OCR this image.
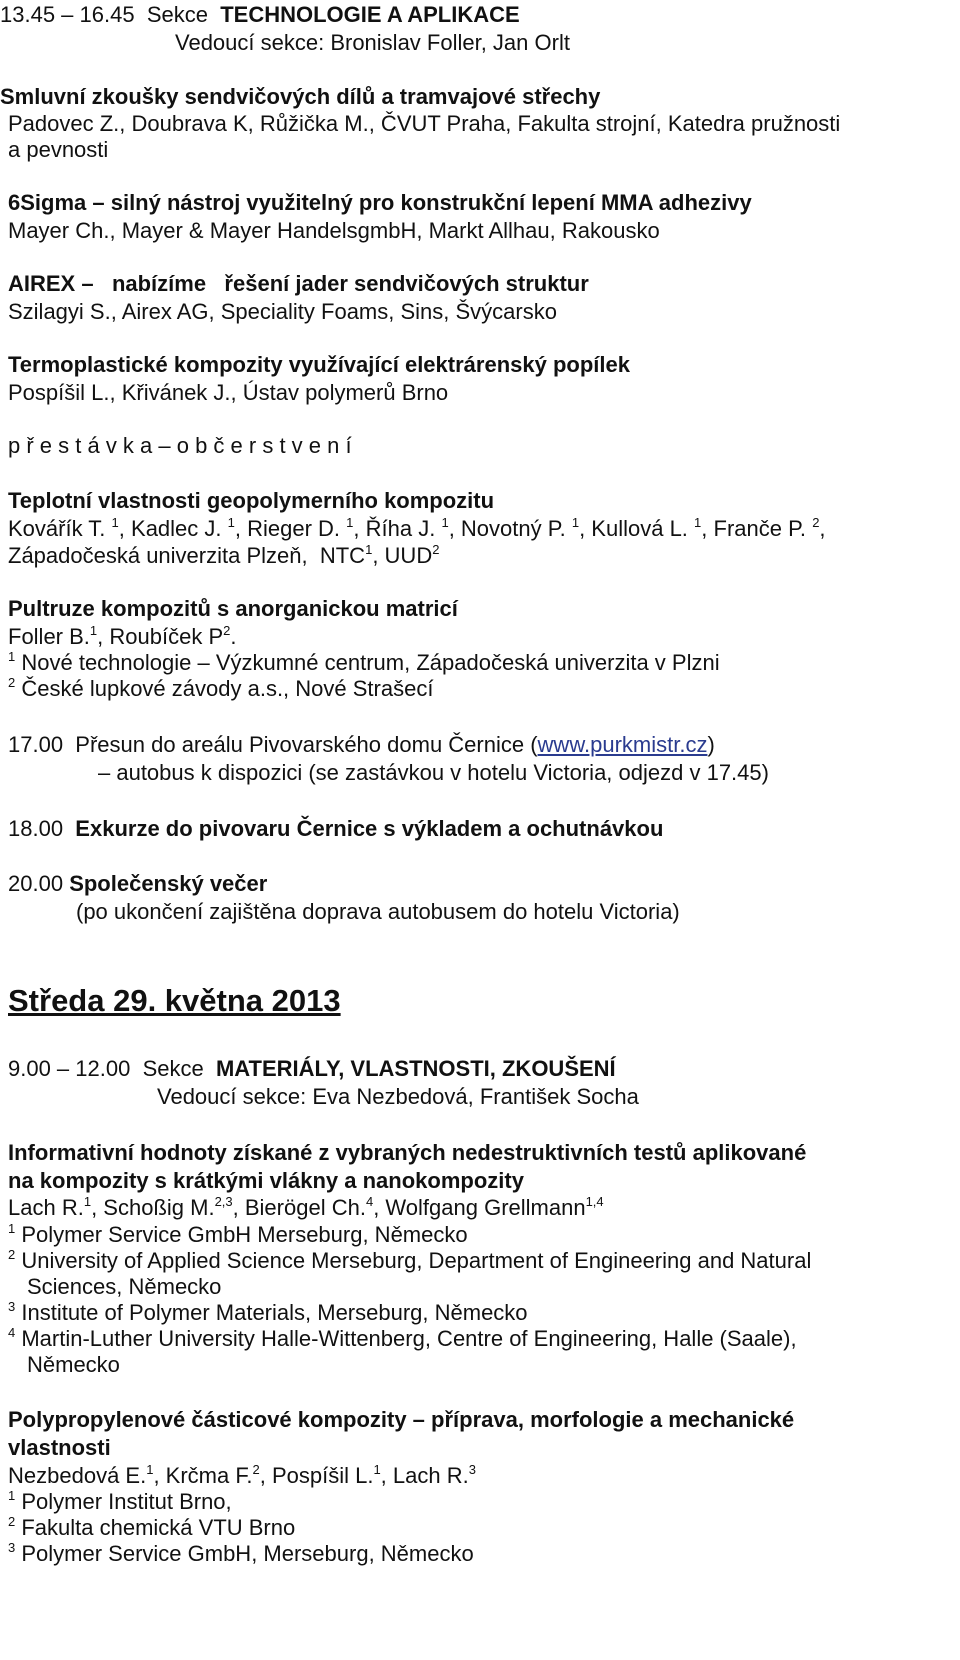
13.45 – 16.45 Sekce TECHNOLOGIE A APLIKACE
Vedoucí sekce: Bronislav Foller, Jan Orlt
Smluvní zkoušky sendvičových dílů a tramvajové střechy
Padovec Z., Doubrava K, Růžička M., ČVUT Praha, Fakulta strojní, Katedra pružnosti
a pevnosti
6Sigma – silný nástroj využitelný pro konstrukční lepení MMA adhezivy
Mayer Ch., Mayer & Mayer HandelsgmbH, Markt Allhau, Rakousko
AIREX – nabízíme řešení jader sendvičových struktur
Szilagyi S., Airex AG, Speciality Foams, Sins, Švýcarsko
Termoplastické kompozity využívající elektrárenský popílek
Pospíšil L., Křivánek J., Ústav polymerů Brno
p ř e s t á v k a – o b č e r s t v e n í
Teplotní vlastnosti geopolymerního kompozitu
Kovářík T. $^1$, Kadlec J. $^1$, Rieger D. $^1$, Říha J. $^1$, Novotný P. $^1$, Kullová L. $^1$, Franče P. $^2$,
Západočeská univerzita Plzeň, NTC$^1$, UUD$^2$
Pultruze kompozitů s anorganickou matricí
Foller B.$^1$, Roubíček $P^2$.
$^1$ Nové technologie – Výzkumné centrum, Západočeská univerzita v Plzni
$^2$ České lupkové závody a.s., Nové Strašecí
17.00 Přesun do areálu Pivovarského domu Černice (www.purkmistr.cz)
– autobus k dispozici (se zastávkou v hotelu Victoria, odjezd v 17.45)
18.00 Exkurze do pivovaru Černice s výkladem a ochutnávkou
20.00 Společenský večer
(po ukončení zajištěna doprava autobusem do hotelu Victoria)
Středa 29. května 2013
9.00 – 12.00 Sekce MATERIÁLY, VLASTNOSTI, ZKOUŠENÍ
Vedoucí sekce: Eva Nezbedová, František Socha
Informativní hodnoty získané z vybraných nedestruktivních testů aplikované
na kompozity s krátkými vlákny a nanokompozity
Lach R.$^1$, Schoßig M.$^{2,3}$, Bierögel Ch.$^4$, Wolfgang Grellmann$^{1,4}$
$^1$ Polymer Service GmbH Merseburg, Německo
$^2$ University of Applied Science Merseburg, Department of Engineering and Natural
Sciences, Německo
$^3$ Institute of Polymer Materials, Merseburg, Německo
$^4$ Martin-Luther University Halle-Wittenberg, Centre of Engineering, Halle (Saale),
Německo
Polypropylenové částicové kompozity – příprava, morfologie a mechanické
vlastnosti
Nezbedová E.$^1$, Krčma F.$^2$, Pospíšil L.$^1$, Lach R.$^3$
$^1$ Polymer Institut Brno,
$^2$ Fakulta chemická VTU Brno
$^3$ Polymer Service GmbH, Merseburg, Německo
